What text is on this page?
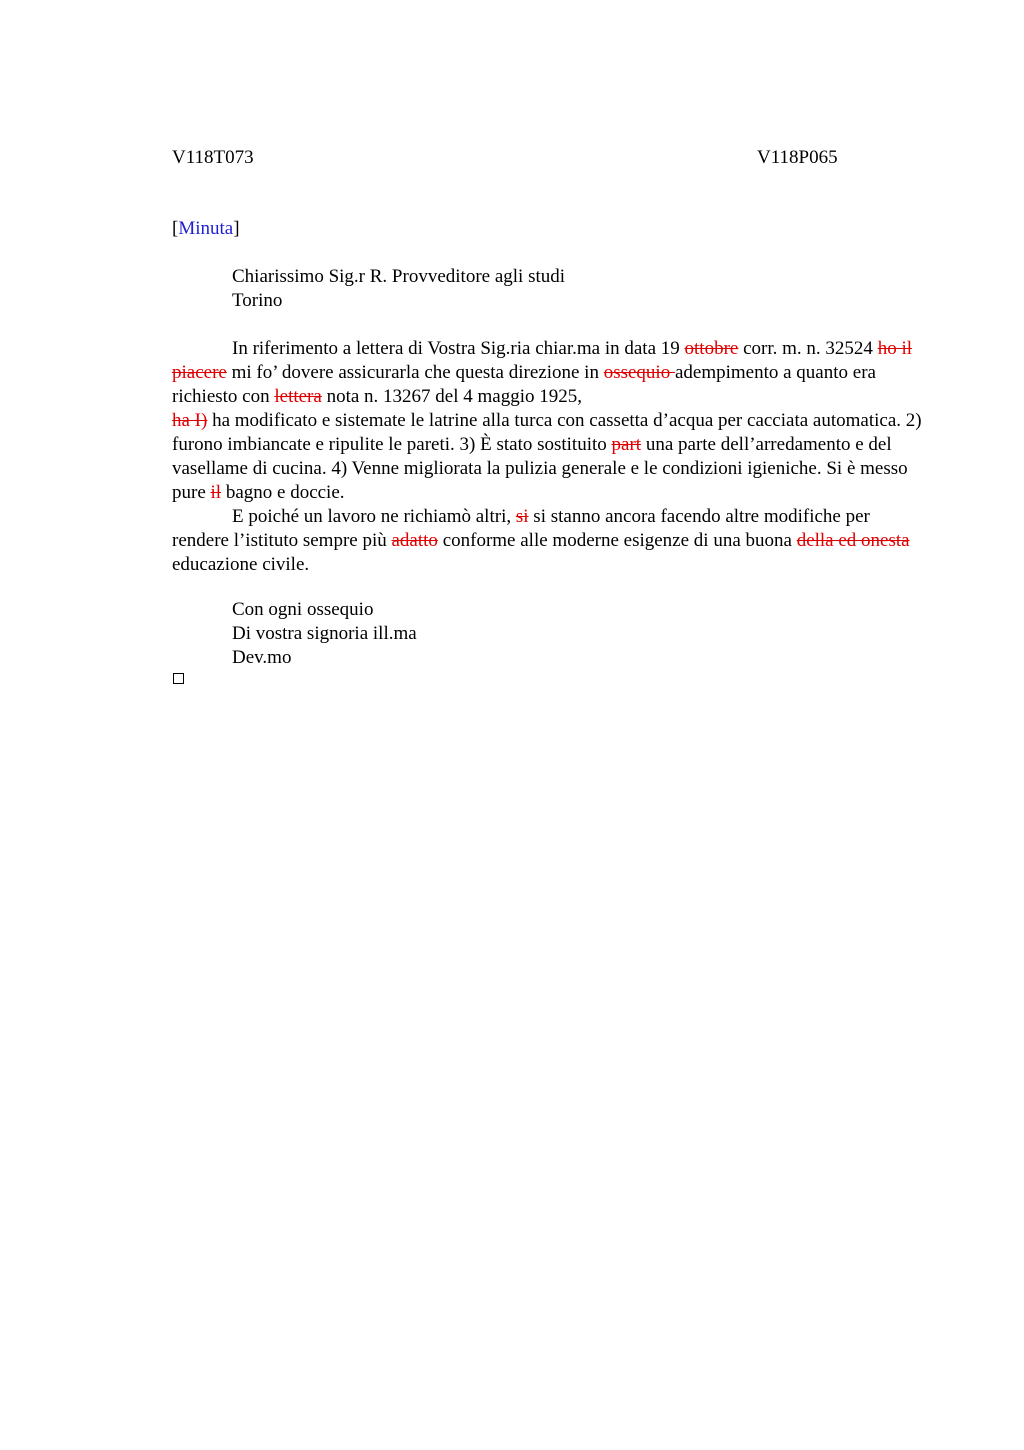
V118T073	V118P065
[Minuta]
Chiarissimo Sig.r R. Provveditore agli studi
Torino

In riferimento a lettera di Vostra Sig.ria chiar.ma in data 19 ottobre corr. m. n. 32524 ho il piacere mi fo’ dovere assicurarla che questa direzione in ossequio adempimento a quanto era richiesto con lettera nota n. 13267 del 4 maggio 1925,
ha I) ha modificato e sistemate le latrine alla turca con cassetta d’acqua per cacciata automatica. 2) furono imbiancate e ripulite le pareti. 3) È stato sostituito part una parte dell’arredamento e del vasellame di cucina. 4) Venne migliorata la pulizia generale e le condizioni igieniche. Si è messo pure il bagno e doccie.

E poiché un lavoro ne richiamò altri, si si stanno ancora facendo altre modifiche per rendere l’istituto sempre più adatto conforme alle moderne esigenze di una buona della ed onesta educazione civile.

Con ogni ossequio
Di vostra signoria ill.ma
Dev.mo
